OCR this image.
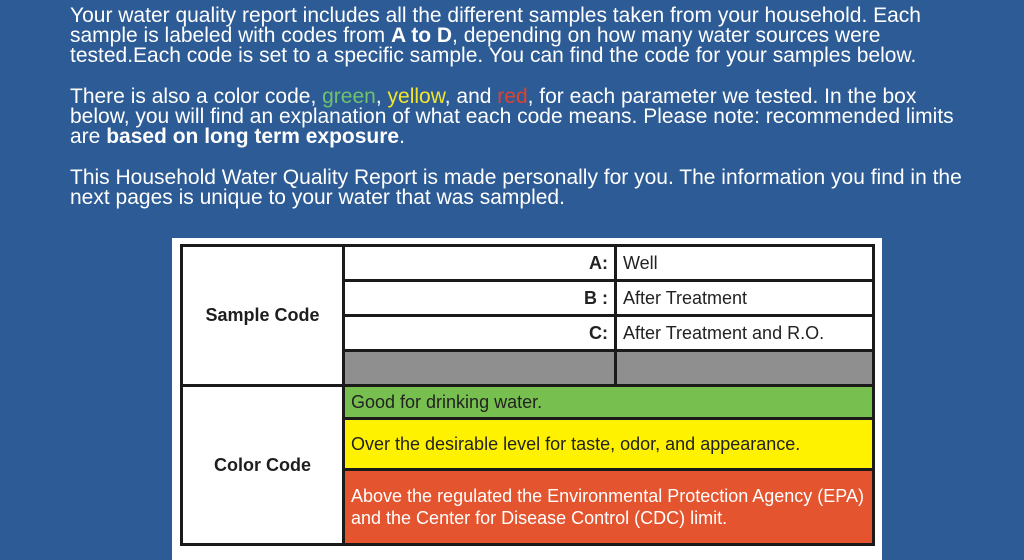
Your water quality report includes all the different samples taken from your household. Each sample is labeled with codes from A to D, depending on how many water sources were tested.Each code is set to a specific sample. You can find the code for your samples below.

There is also a color code, green, yellow, and red, for each parameter we tested. In the box below, you will find an explanation of what each code means. Please note: recommended limits are based on long term exposure.

This Household Water Quality Report is made personally for you. The information you find in the next pages is unique to your water that was sampled.

Sample Code	A:	Well
	B :	After Treatment
	C:	After Treatment and R.O.

Color Code	Good for drinking water.	
	Over the desirable level for taste, odor, and appearance.	
	Above the regulated the Environmental Protection Agency (EPA) and the Center for Disease Control (CDC) limit.	
